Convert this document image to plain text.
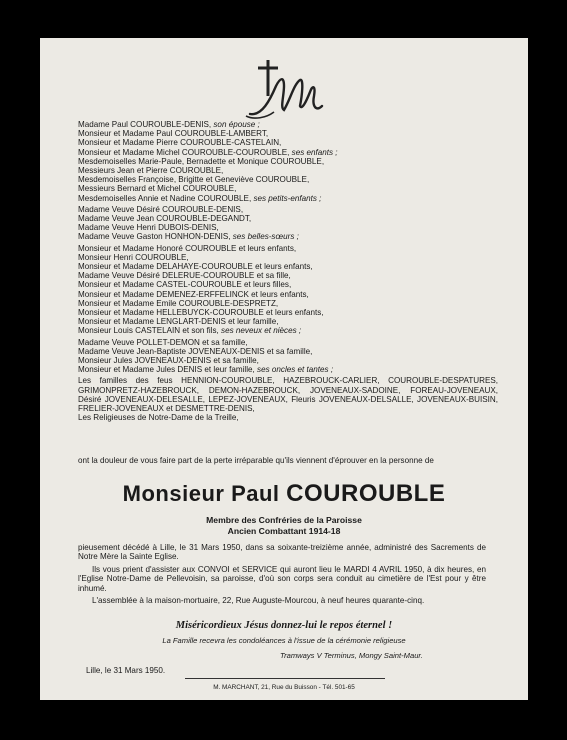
Madame Paul COUROUBLE-DENIS, son épouse ;
Monsieur et Madame Paul COUROUBLE-LAMBERT,
Monsieur et Madame Pierre COUROUBLE-CASTELAIN,
Monsieur et Madame Michel COUROUBLE-COUROUBLE, ses enfants ;
Mesdemoiselles Marie-Paule, Bernadette et Monique COUROUBLE,
Messieurs Jean et Pierre COUROUBLE,
Mesdemoiselles Françoise, Brigitte et Geneviève COUROUBLE,
Messieurs Bernard et Michel COUROUBLE,
Mesdemoiselles Annie et Nadine COUROUBLE, ses petits-enfants ;
Madame Veuve Désiré COUROUBLE-DENIS,
Madame Veuve Jean COUROUBLE-DEGANDT,
Madame Veuve Henri DUBOIS-DENIS,
Madame Veuve Gaston HONHON-DENIS, ses belles-sœurs ;
Monsieur et Madame Honoré COUROUBLE et leurs enfants,
Monsieur Henri COUROUBLE,
Monsieur et Madame DELAHAYE-COUROUBLE et leurs enfants,
Madame Veuve Désiré DELERUE-COUROUBLE et sa fille,
Monsieur et Madame CASTEL-COUROUBLE et leurs filles,
Monsieur et Madame DEMENEZ-ERFFELINCK et leurs enfants,
Monsieur et Madame Emile COUROUBLE-DESPRETZ,
Monsieur et Madame HELLEBUYCK-COUROUBLE et leurs enfants,
Monsieur et Madame LENGLART-DENIS et leur famille,
Monsieur Louis CASTELAIN et son fils, ses neveux et nièces ;
Madame Veuve POLLET-DEMON et sa famille,
Madame Veuve Jean-Baptiste JOVENEAUX-DENIS et sa famille,
Monsieur Jules JOVENEAUX-DENIS et sa famille,
Monsieur et Madame Jules DENIS et leur famille, ses oncles et tantes ;
Les familles des feus HENNION-COUROUBLE, HAZEBROUCK-CARLIER, COUROUBLE-DESPATURES, GRIMONPRETZ-HAZEBROUCK, DEMON-HAZEBROUCK, JOVENEAUX-SADOINE, FOREAU-JOVENEAUX, Désiré JOVENEAUX-DELESALLE, LEPEZ-JOVENEAUX, Fleuris JOVENEAUX-DELSALLE, JOVENEAUX-BUISIN, FRELIER-JOVENEAUX et DESMETTRE-DENIS,
Les Religieuses de Notre-Dame de la Treille,
ont la douleur de vous faire part de la perte irréparable qu'ils viennent d'éprouver en la personne de
Monsieur Paul COUROUBLE
Membre des Confréries de la Paroisse
Ancien Combattant 1914-18

pieusement décédé à Lille, le 31 Mars 1950, dans sa soixante-treizième année, administré des Sacrements de Notre Mère la Sainte Eglise.

Ils vous prient d'assister aux CONVOI et SERVICE qui auront lieu le MARDI 4 AVRIL 1950, à dix heures, en l'Eglise Notre-Dame de Pellevoisin, sa paroisse, d'où son corps sera conduit au cimetière de l'Est pour y être inhumé.

L'assemblée à la maison-mortuaire, 22, Rue Auguste-Mourcou, à neuf heures quarante-cinq.

Miséricordieux Jésus donnez-lui le repos éternel !
La Famille recevra les condoléances à l'issue de la cérémonie religieuse
Tramways V Terminus, Mongy Saint-Maur.
Lille, le 31 Mars 1950.
M. MARCHANT, 21, Rue du Buisson - Tél. 501-65
